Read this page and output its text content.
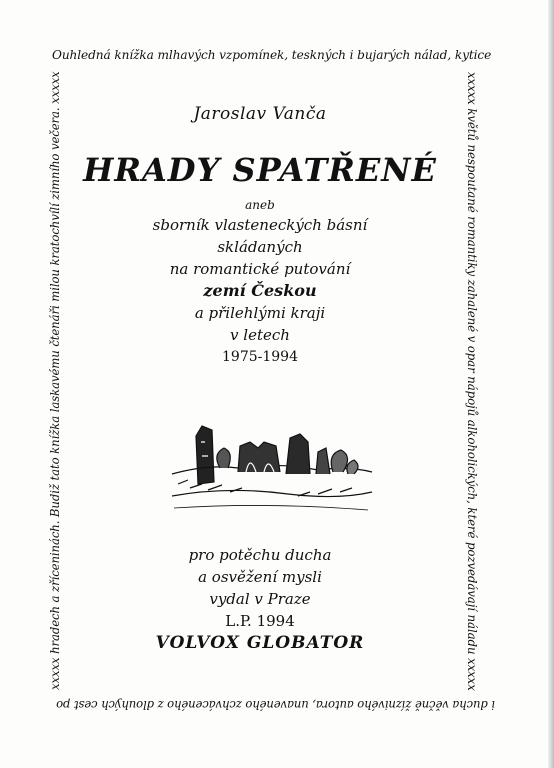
Ouhledná knížka mlhavých vzpomínek, teskných i bujarých nálad, kytice
xxxxx květů nespoutané romantiky zahalené v opar nápojů alkoholických, které pozvedávají náladu xxxxx
i ducha věčně žíznivého autora, unaveného zchváceného z dlouhých cest po
xxxxx hradech a zříceninách. Budiž tato knížka laskavému čtenáři milou kratochvílí zimního večera. xxxxx	Jaroslav Vanča
HRADY SPATŘENÉ
aneb
sborník vlasteneckých básní
skládaných
na romantické putování
zemí Českou
a přilehlými kraji
v letech
1975-1994
pro potěchu ducha
a osvěžení mysli
vydal v Praze
L.P. 1994
VOLVOX GLOBATOR
